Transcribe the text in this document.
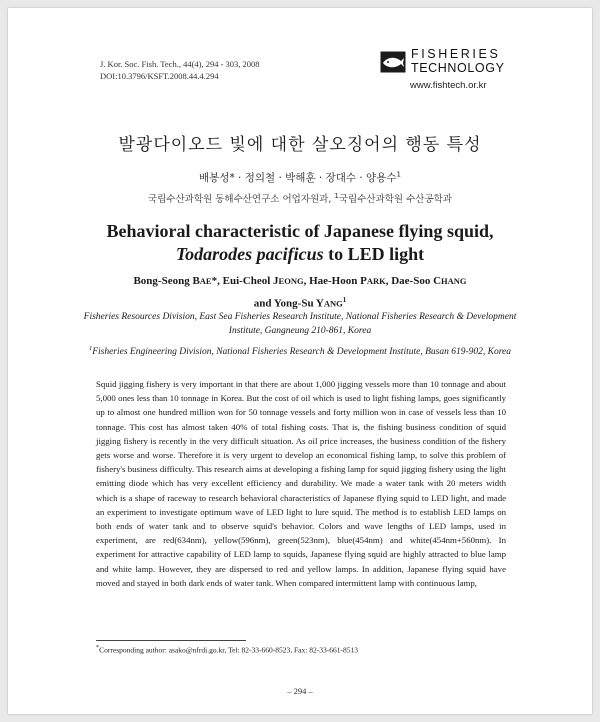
J. Kor. Soc. Fish. Tech., 44(4), 294 - 303, 2008
DOI:10.3796/KSFT.2008.44.4.294
FISHERIES
TECHNOLOGY
www.fishtech.or.kr
발광다이오드 빛에 대한 살오징어의 행동 특성
배봉성* · 정의철 · 박해훈 · 장대수 · 양용수$^1$
국립수산과학원 동해수산연구소 어업자원과, $^1$국립수산과학원 수산공학과
Behavioral characteristic of Japanese flying squid,
Todarodes pacificus to LED light
Bong-Seong BAE*, Eui-Cheol JEONG, Hae-Hoon PARK, Dae-Soo CHANG
and Yong-Su YANG$^1$

Fisheries Resources Division, East Sea Fisheries Research Institute, National Fisheries Research & Development Institute, Gangneung 210-861, Korea

$^1$Fisheries Engineering Division, National Fisheries Research & Development Institute, Busan 619-902, Korea

Squid jigging fishery is very important in that there are about 1,000 jigging vessels more than 10 tonnage and about 5,000 ones less than 10 tonnage in Korea. But the cost of oil which is used to light fishing lamps, goes significantly up to almost one hundred million won for 50 tonnage vessels and forty million won in case of vessels less than 10 tonnage. This cost has almost taken 40% of total fishing costs. That is, the fishing business condition of squid jigging fishery is recently in the very difficult situation. As oil price increases, the business condition of the fishery gets worse and worse. Therefore it is very urgent to develop an economical fishing lamp, to solve this problem of fishery's business difficulty. This research aims at developing a fishing lamp for squid jigging fishery using the light emitting diode which has very excellent efficiency and durability. We made a water tank with 20 meters width which is a shape of raceway to research behavioral characteristics of Japanese flying squid to LED light, and made an experiment to investigate optimum wave of LED light to lure squid. The method is to establish LED lamps on both ends of water tank and to observe squid's behavior. Colors and wave lengths of LED lamps, used in experiment, are red(634nm), yellow(596nm), green(523nm), blue(454nm) and white(454nm+560nm). In experiment for attractive capability of LED lamp to squids, Japanese flying squid are highly attracted to blue lamp and white lamp. However, they are dispersed to red and yellow lamps. In addition, Japanese flying squid have moved and stayed in both dark ends of water tank. When compared intermittent lamp with continuous lamp,

*Corresponding author: asako@nfrdi.go.kr, Tel: 82-33-660-8523, Fax: 82-33-661-8513
– 294 –
